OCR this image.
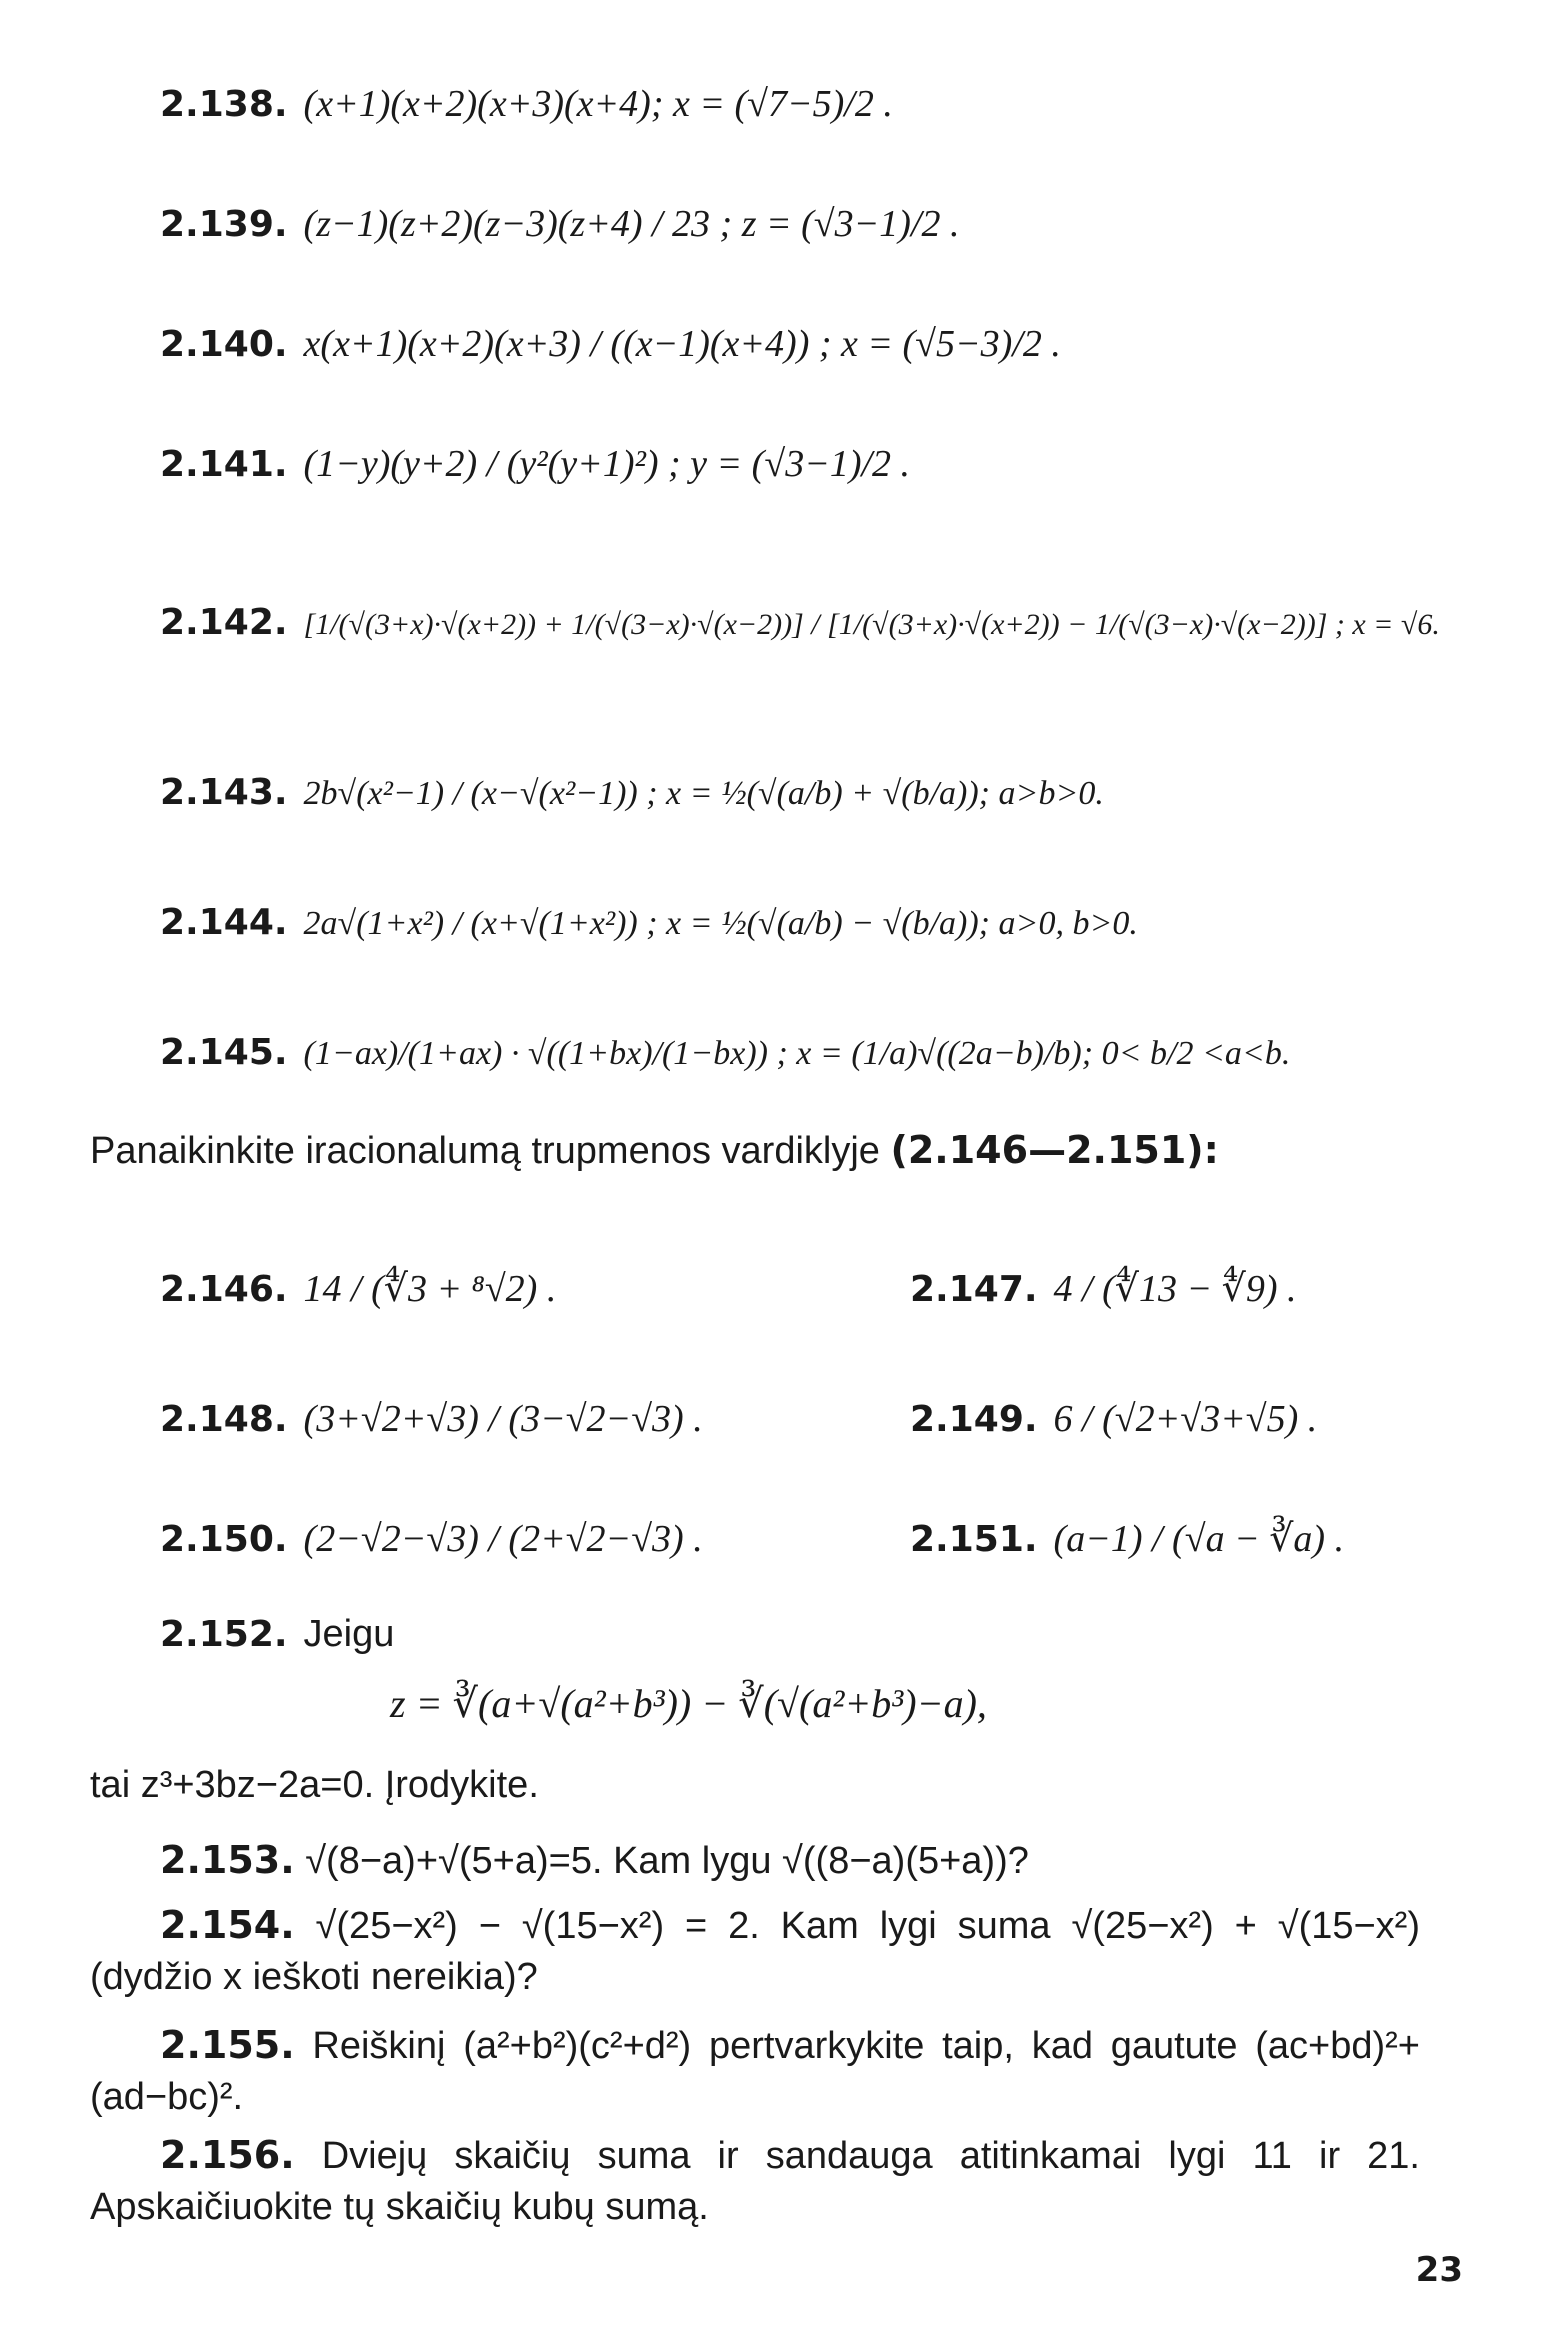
2.138. (x+1)(x+2)(x+3)(x+4); x = (√7−5)/2 .
2.139. (z−1)(z+2)(z−3)(z+4) / 23 ; z = (√3−1)/2 .
2.140. x(x+1)(x+2)(x+3) / ((x−1)(x+4)) ; x = (√5−3)/2 .
2.141. (1−y)(y+2) / (y²(y+1)²) ; y = (√3−1)/2 .
2.142. [1/(√(3+x)·√(x+2)) + 1/(√(3−x)·√(x−2))] / [1/(√(3+x)·√(x+2)) − 1/(√(3−x)·√(x−2))] ; x = √6.
2.143. 2b√(x²−1) / (x−√(x²−1)) ; x = ½(√(a/b) + √(b/a)); a>b>0.
2.144. 2a√(1+x²) / (x+√(1+x²)) ; x = ½(√(a/b) − √(b/a)); a>0, b>0.
2.145. (1−ax)/(1+ax) · √((1+bx)/(1−bx)) ; x = (1/a)√((2a−b)/b); 0< b/2 <a<b.
Panaikinkite iracionalumą trupmenos vardiklyje (2.146—2.151):
2.146. 14 / (∜3 + ⁸√2) .	2.147. 4 / (∜13 − ∜9) .
2.148. (3+√2+√3) / (3−√2−√3) .	2.149. 6 / (√2+√3+√5) .
2.150. (2−√2−√3) / (2+√2−√3) .	2.151. (a−1) / (√a − ∛a) .
2.152. Jeigu
z = ∛(a+√(a²+b³)) − ∛(√(a²+b³)−a),
tai z³+3bz−2a=0. Įrodykite.
2.153. √(8−a)+√(5+a)=5. Kam lygu √((8−a)(5+a))?
2.154. √(25−x²) − √(15−x²) = 2. Kam lygi suma √(25−x²) + √(15−x²) (dydžio x ieškoti nereikia)?
2.155. Reiškinį (a²+b²)(c²+d²) pertvarkykite taip, kad gautute (ac+bd)²+(ad−bc)².
2.156. Dviejų skaičių suma ir sandauga atitinkamai lygi 11 ir 21. Apskaičiuokite tų skaičių kubų sumą.
23
